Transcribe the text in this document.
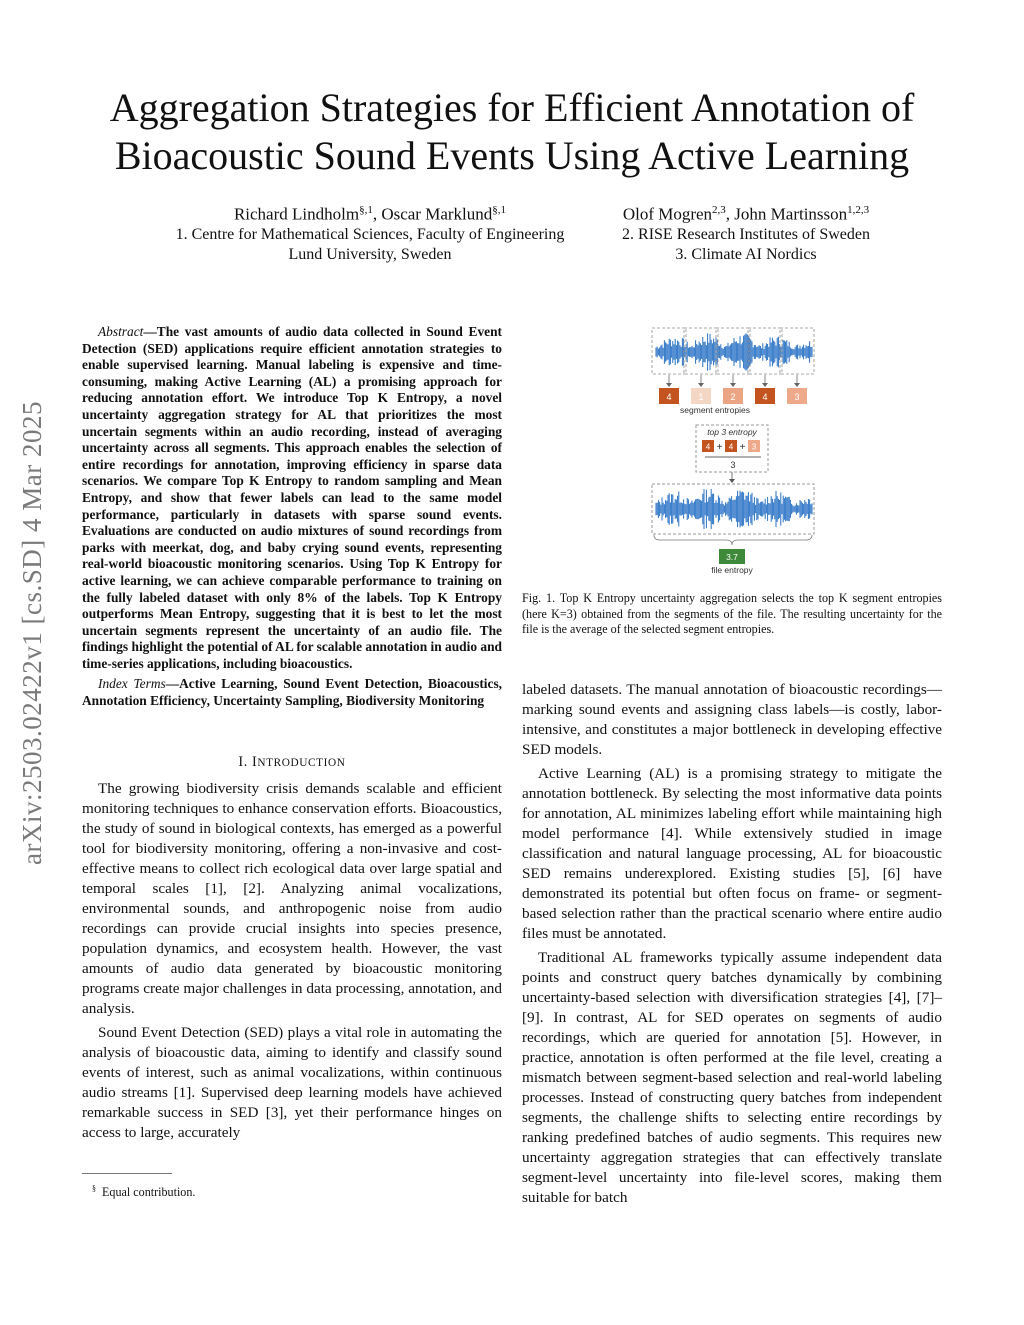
Aggregation Strategies for Efficient Annotation of
Bioacoustic Sound Events Using Active Learning
Richard Lindholm$^{\S,1}$, Oscar Marklund$^{\S,1}$
1. Centre for Mathematical Sciences, Faculty of Engineering
Lund University, Sweden
Olof Mogren$^{2,3}$, John Martinsson$^{1,2,3}$
2. RISE Research Institutes of Sweden
3. Climate AI Nordics
arXiv:2503.02422v1 [cs.SD] 4 Mar 2025

Abstract—The vast amounts of audio data collected in Sound Event Detection (SED) applications require efficient annotation strategies to enable supervised learning. Manual labeling is expensive and time-consuming, making Active Learning (AL) a promising approach for reducing annotation effort. We introduce Top K Entropy, a novel uncertainty aggregation strategy for AL that prioritizes the most uncertain segments within an audio recording, instead of averaging uncertainty across all segments. This approach enables the selection of entire recordings for annotation, improving efficiency in sparse data scenarios. We compare Top K Entropy to random sampling and Mean Entropy, and show that fewer labels can lead to the same model performance, particularly in datasets with sparse sound events. Evaluations are conducted on audio mixtures of sound recordings from parks with meerkat, dog, and baby crying sound events, representing real-world bioacoustic monitoring scenarios. Using Top K Entropy for active learning, we can achieve comparable performance to training on the fully labeled dataset with only 8% of the labels. Top K Entropy outperforms Mean Entropy, suggesting that it is best to let the most uncertain segments represent the uncertainty of an audio file. The findings highlight the potential of AL for scalable annotation in audio and time-series applications, including bioacoustics.

Index Terms—Active Learning, Sound Event Detection, Bioacoustics, Annotation Efficiency, Uncertainty Sampling, Biodiversity Monitoring

I. INTRODUCTION

The growing biodiversity crisis demands scalable and efficient monitoring techniques to enhance conservation efforts. Bioacoustics, the study of sound in biological contexts, has emerged as a powerful tool for biodiversity monitoring, offering a non-invasive and cost-effective means to collect rich ecological data over large spatial and temporal scales [1], [2]. Analyzing animal vocalizations, environmental sounds, and anthropogenic noise from audio recordings can provide crucial insights into species presence, population dynamics, and ecosystem health. However, the vast amounts of audio data generated by bioacoustic monitoring programs create major challenges in data processing, annotation, and analysis.

Sound Event Detection (SED) plays a vital role in automating the analysis of bioacoustic data, aiming to identify and classify sound events of interest, such as animal vocalizations, within continuous audio streams [1]. Supervised deep learning models have achieved remarkable success in SED [3], yet their performance hinges on access to large, accurately

§ Equal contribution.
4	1	2	4	3
segment entropies
top 3 entropy
4 + 4 + 3
3
3.7
file entropy
Fig. 1. Top K Entropy uncertainty aggregation selects the top K segment entropies (here K=3) obtained from the segments of the file. The resulting uncertainty for the file is the average of the selected segment entropies.

labeled datasets. The manual annotation of bioacoustic recordings—marking sound events and assigning class labels—is costly, labor-intensive, and constitutes a major bottleneck in developing effective SED models.

Active Learning (AL) is a promising strategy to mitigate the annotation bottleneck. By selecting the most informative data points for annotation, AL minimizes labeling effort while maintaining high model performance [4]. While extensively studied in image classification and natural language processing, AL for bioacoustic SED remains underexplored. Existing studies [5], [6] have demonstrated its potential but often focus on frame- or segment-based selection rather than the practical scenario where entire audio files must be annotated.

Traditional AL frameworks typically assume independent data points and construct query batches dynamically by combining uncertainty-based selection with diversification strategies [4], [7]–[9]. In contrast, AL for SED operates on segments of audio recordings, which are queried for annotation [5]. However, in practice, annotation is often performed at the file level, creating a mismatch between segment-based selection and real-world labeling processes. Instead of constructing query batches from independent segments, the challenge shifts to selecting entire recordings by ranking predefined batches of audio segments. This requires new uncertainty aggregation strategies that can effectively translate segment-level uncertainty into file-level scores, making them suitable for batch
